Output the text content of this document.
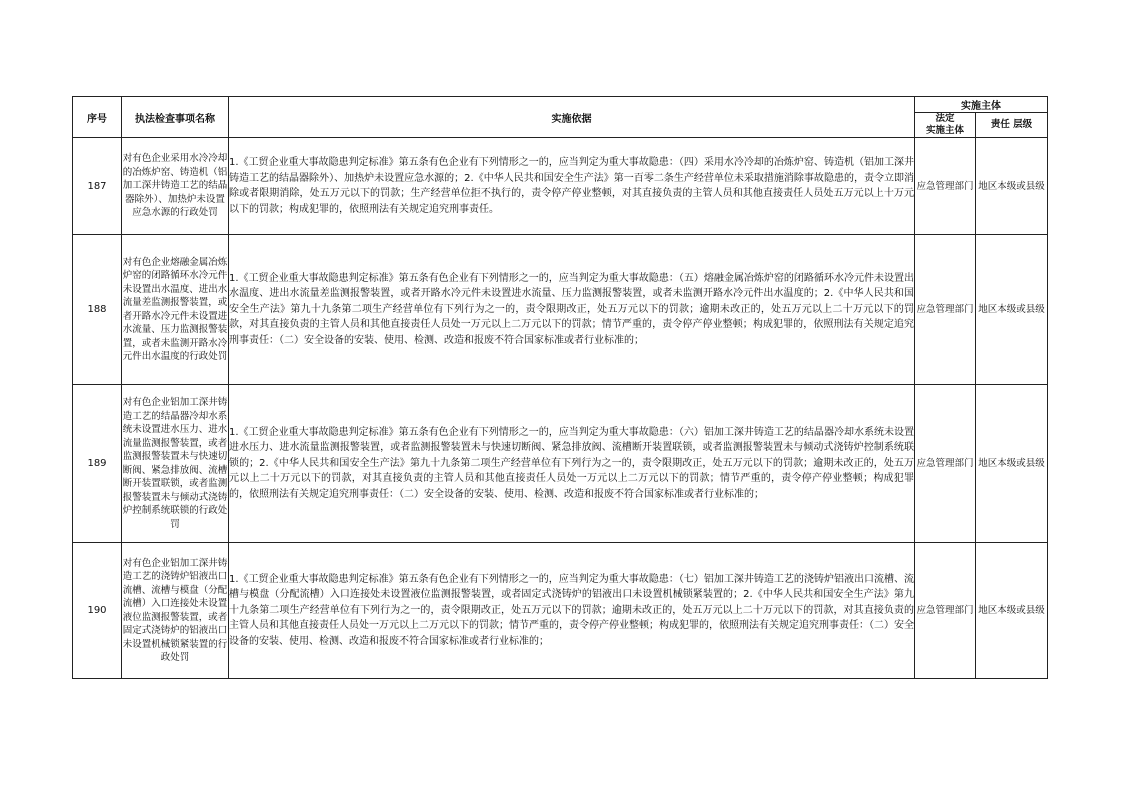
序号	执法检查事项名称	实施依据	实施主体	
			法定
实施主体	责任 层级
187	对有色企业采用水冷冷却的冶炼炉窑、铸造机（铝加工深井铸造工艺的结晶器除外）、加热炉未设置应急水源的行政处罚	1.《工贸企业重大事故隐患判定标准》第五条有色企业有下列情形之一的，应当判定为重大事故隐患：（四）采用水冷冷却的冶炼炉窑、铸造机（铝加工深井铸造工艺的结晶器除外）、加热炉未设置应急水源的；2.《中华人民共和国安全生产法》第一百零二条生产经营单位未采取措施消除事故隐患的，责令立即消除或者限期消除，处五万元以下的罚款；生产经营单位拒不执行的，责令停产停业整顿，对其直接负责的主管人员和其他直接责任人员处五万元以上十万元以下的罚款；构成犯罪的，依照刑法有关规定追究刑事责任。	应急管理部门	地区本级或县级
188	对有色企业熔融金属冶炼炉窑的闭路循环水冷元件未设置出水温度、进出水流量差监测报警装置，或者开路水冷元件未设置进水流量、压力监测报警装置，或者未监测开路水冷元件出水温度的行政处罚	1.《工贸企业重大事故隐患判定标准》第五条有色企业有下列情形之一的，应当判定为重大事故隐患：（五）熔融金属冶炼炉窑的闭路循环水冷元件未设置出水温度、进出水流量差监测报警装置，或者开路水冷元件未设置进水流量、压力监测报警装置，或者未监测开路水冷元件出水温度的；2.《中华人民共和国安全生产法》第九十九条第二项生产经营单位有下列行为之一的，责令限期改正，处五万元以下的罚款；逾期未改正的，处五万元以上二十万元以下的罚款，对其直接负责的主管人员和其他直接责任人员处一万元以上二万元以下的罚款；情节严重的，责令停产停业整顿；构成犯罪的，依照刑法有关规定追究刑事责任：（二）安全设备的安装、使用、检测、改造和报废不符合国家标准或者行业标准的；	应急管理部门	地区本级或县级
189	对有色企业铝加工深井铸造工艺的结晶器冷却水系统未设置进水压力、进水流量监测报警装置，或者监测报警装置未与快速切断阀、紧急排放阀、流槽断开装置联锁，或者监测报警装置未与倾动式浇铸炉控制系统联锁的行政处罚	1.《工贸企业重大事故隐患判定标准》第五条有色企业有下列情形之一的，应当判定为重大事故隐患：（六）铝加工深井铸造工艺的结晶器冷却水系统未设置进水压力、进水流量监测报警装置，或者监测报警装置未与快速切断阀、紧急排放阀、流槽断开装置联锁，或者监测报警装置未与倾动式浇铸炉控制系统联锁的；2.《中华人民共和国安全生产法》第九十九条第二项生产经营单位有下列行为之一的，责令限期改正，处五万元以下的罚款；逾期未改正的，处五万元以上二十万元以下的罚款，对其直接负责的主管人员和其他直接责任人员处一万元以上二万元以下的罚款；情节严重的，责令停产停业整顿；构成犯罪的，依照刑法有关规定追究刑事责任：（二）安全设备的安装、使用、检测、改造和报废不符合国家标准或者行业标准的；	应急管理部门	地区本级或县级
190	对有色企业铝加工深井铸造工艺的浇铸炉铝液出口流槽、流槽与模盘（分配流槽）入口连接处未设置液位监测报警装置，或者固定式浇铸炉的铝液出口未设置机械锁紧装置的行政处罚	1.《工贸企业重大事故隐患判定标准》第五条有色企业有下列情形之一的，应当判定为重大事故隐患：（七）铝加工深井铸造工艺的浇铸炉铝液出口流槽、流槽与模盘（分配流槽）入口连接处未设置液位监测报警装置，或者固定式浇铸炉的铝液出口未设置机械锁紧装置的；2.《中华人民共和国安全生产法》第九十九条第二项生产经营单位有下列行为之一的，责令限期改正，处五万元以下的罚款；逾期未改正的，处五万元以上二十万元以下的罚款，对其直接负责的主管人员和其他直接责任人员处一万元以上二万元以下的罚款；情节严重的，责令停产停业整顿；构成犯罪的，依照刑法有关规定追究刑事责任：（二）安全设备的安装、使用、检测、改造和报废不符合国家标准或者行业标准的；	应急管理部门	地区本级或县级
